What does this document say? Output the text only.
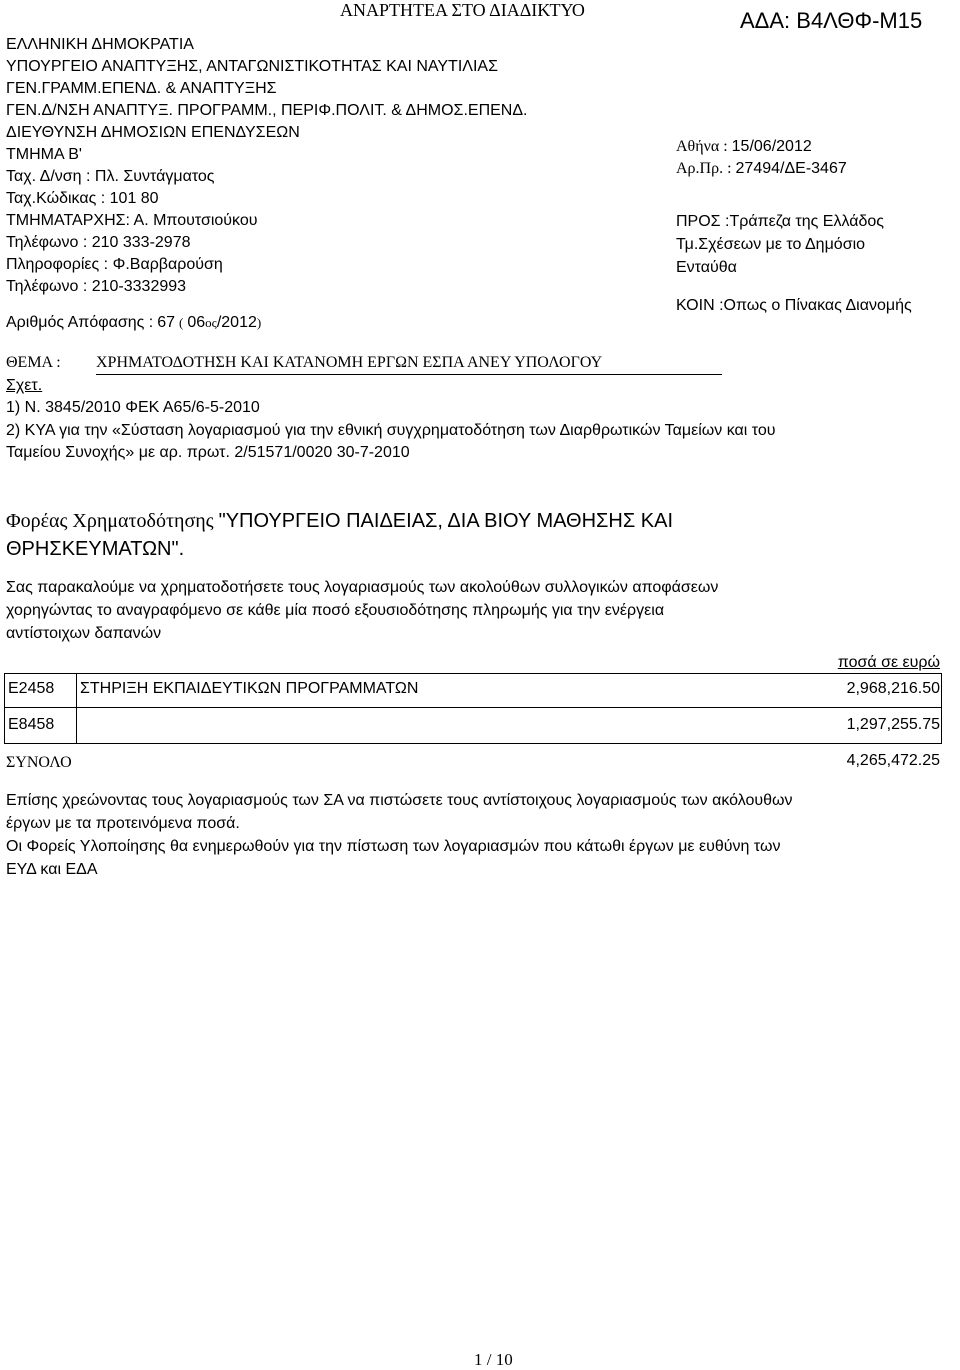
ΑΝΑΡΤΗΤΕΑ ΣΤΟ ΔΙΑΔΙΚΤΥΟ	ΑΔΑ: Β4ΛΘΦ-Μ15
ΕΛΛΗΝΙΚΗ ΔΗΜΟΚΡΑΤΙΑ
ΥΠΟΥΡΓΕΙΟ ΑΝΑΠΤΥΞΗΣ, ΑΝΤΑΓΩΝΙΣΤΙΚΟΤΗΤΑΣ ΚΑΙ ΝΑΥΤΙΛΙΑΣ
ΓΕΝ.ΓΡΑΜΜ.ΕΠΕΝΔ. & ΑΝΑΠΤΥΞΗΣ
ΓΕΝ.Δ/ΝΣΗ ΑΝΑΠΤΥΞ. ΠΡΟΓΡΑΜΜ., ΠΕΡΙΦ.ΠΟΛΙΤ. & ΔΗΜΟΣ.ΕΠΕΝΔ.
ΔΙΕΥΘΥΝΣΗ ΔΗΜΟΣΙΩΝ ΕΠΕΝΔΥΣΕΩΝ
ΤΜΗΜΑ Β'
Ταχ. Δ/νση : Πλ. Συντάγματος
Ταχ.Κώδικας : 101 80
ΤΜΗΜΑΤΑΡΧΗΣ: Α. Μπουτσιούκου
Τηλέφωνο : 210 333-2978
Πληροφορίες : Φ.Βαρβαρούση
Τηλέφωνο : 210-3332993
Αριθμός Απόφασης : 67 ( 06ος/2012)
Αθήνα : 15/06/2012
Αρ.Πρ. : 27494/ΔΕ-3467
ΠΡΟΣ :Τράπεζα της Ελλάδος
Τμ.Σχέσεων με το Δημόσιο
Ενταύθα
ΚΟΙΝ :Οπως ο Πίνακας Διανομής
ΘΕΜΑ : ΧΡΗΜΑΤΟΔΟΤΗΣΗ ΚΑΙ ΚΑΤΑΝΟΜΗ ΕΡΓΩΝ ΕΣΠΑ ΑΝΕΥ ΥΠΟΛΟΓΟΥ
Σχετ.
1) Ν. 3845/2010 ΦΕΚ Α65/6-5-2010
2) ΚΥΑ για την «Σύσταση λογαριασμού για την εθνική συγχρηματοδότηση των Διαρθρωτικών Ταμείων και του
Ταμείου Συνοχής» με αρ. πρωτ. 2/51571/0020 30-7-2010
Φορέας Χρηματοδότησης "ΥΠΟΥΡΓΕΙΟ ΠΑΙΔΕΙΑΣ, ΔΙΑ ΒΙΟΥ ΜΑΘΗΣΗΣ ΚΑΙ
ΘΡΗΣΚΕΥΜΑΤΩΝ".
Σας παρακαλούμε να χρηματοδοτήσετε τους λογαριασμούς των ακολούθων συλλογικών αποφάσεων
χορηγώντας το αναγραφόμενο σε κάθε μία ποσό εξουσιοδότησης πληρωμής για την ενέργεια
αντίστοιχων δαπανών
ποσά σε ευρώ
Ε2458 ΣΤΗΡΙΞΗ ΕΚΠΑΙΔΕΥΤΙΚΩΝ ΠΡΟΓΡΑΜΜΑΤΩΝ	2,968,216.50
Ε8458	1,297,255.75
ΣΥΝΟΛΟ	4,265,472.25
Επίσης χρεώνοντας τους λογαριασμούς των ΣΑ να πιστώσετε τους αντίστοιχους λογαριασμούς των ακόλουθων
έργων με τα προτεινόμενα ποσά.
Οι Φορείς Υλοποίησης θα ενημερωθούν για την πίστωση των λογαριασμών που κάτωθι έργων με ευθύνη των
ΕΥΔ και ΕΔΑ
1 / 10
